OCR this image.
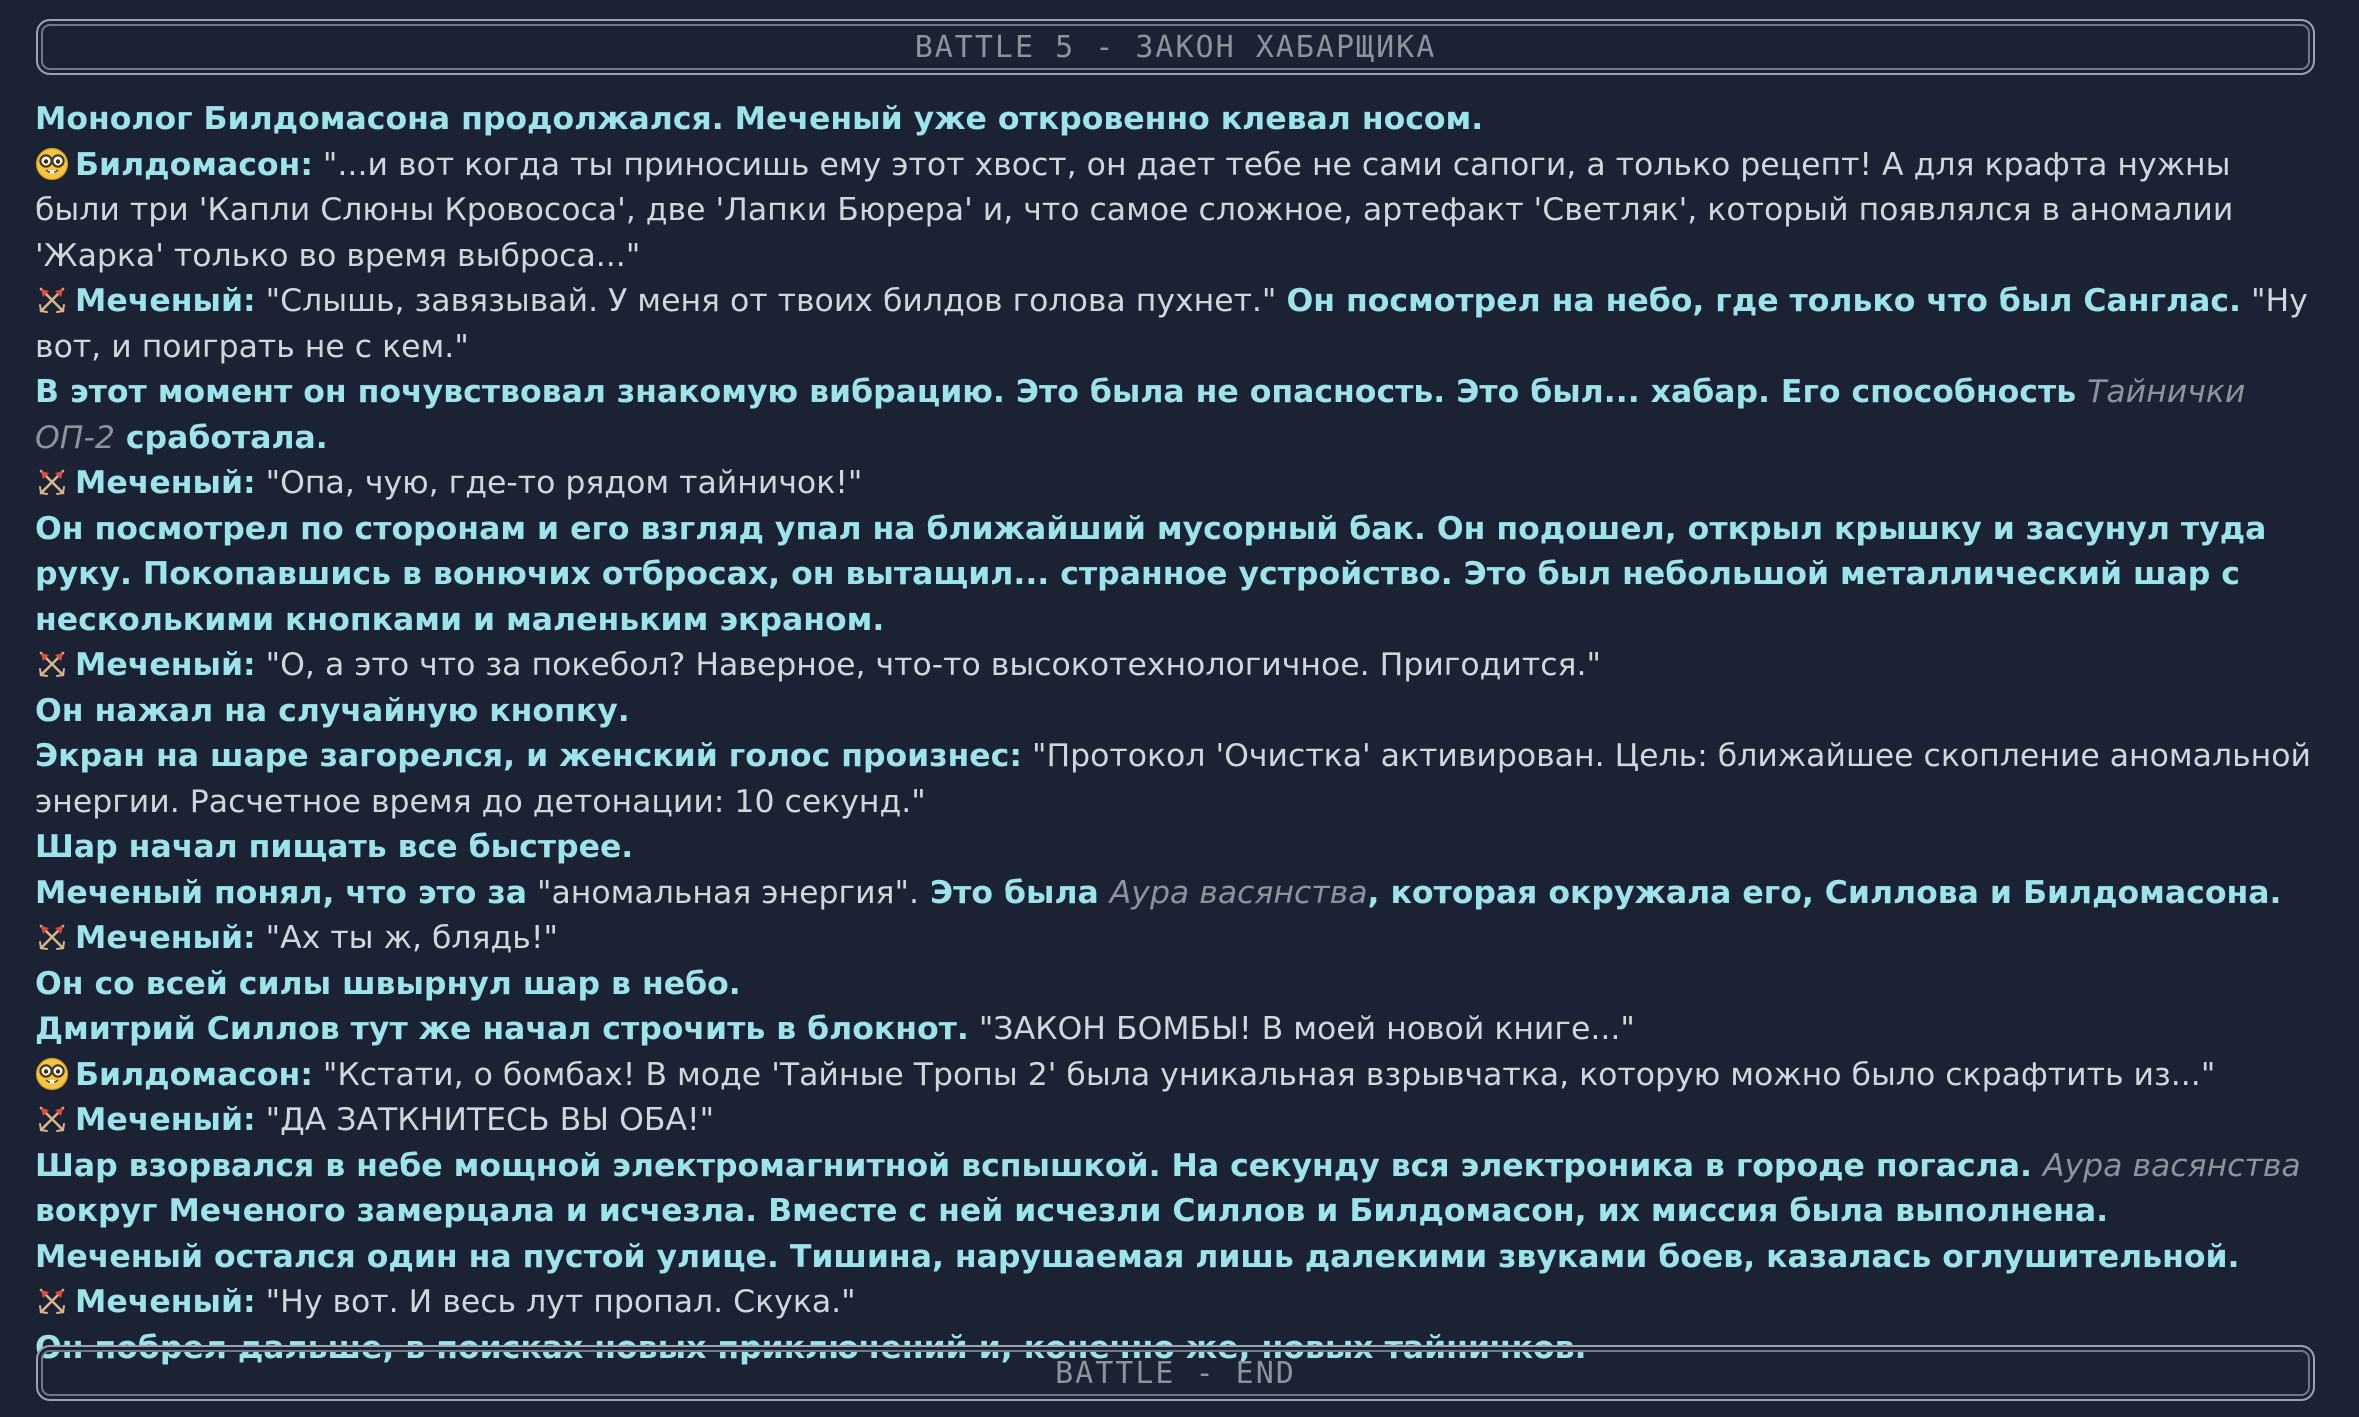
BATTLE 5 - ЗАКОН ХАБАРЩИКА
Монолог Билдомасона продолжался. Меченый уже откровенно клевал носом.
Билдомасон: "...и вот когда ты приносишь ему этот хвост, он дает тебе не сами сапоги, а только рецепт! А для крафта нужны были три 'Капли Слюны Кровососа', две 'Лапки Бюрера' и, что самое сложное, артефакт 'Светляк', который появлялся в аномалии 'Жарка' только во время выброса..."
Меченый: "Слышь, завязывай. У меня от твоих билдов голова пухнет." Он посмотрел на небо, где только что был Санглас. "Ну вот, и поиграть не с кем."
В этот момент он почувствовал знакомую вибрацию. Это была не опасность. Это был... хабар. Его способность Тайнички ОП-2 сработала.
Меченый: "Опа, чую, где-то рядом тайничок!"
Он посмотрел по сторонам и его взгляд упал на ближайший мусорный бак. Он подошел, открыл крышку и засунул туда руку. Покопавшись в вонючих отбросах, он вытащил... странное устройство. Это был небольшой металлический шар с несколькими кнопками и маленьким экраном.
Меченый: "О, а это что за покебол? Наверное, что-то высокотехнологичное. Пригодится."
Он нажал на случайную кнопку.
Экран на шаре загорелся, и женский голос произнес: "Протокол 'Очистка' активирован. Цель: ближайшее скопление аномальной энергии. Расчетное время до детонации: 10 секунд."
Шар начал пищать все быстрее.
Меченый понял, что это за "аномальная энергия". Это была Аура васянства, которая окружала его, Силлова и Билдомасона.
Меченый: "Ах ты ж, блядь!"
Он со всей силы швырнул шар в небо.
Дмитрий Силлов тут же начал строчить в блокнот. "ЗАКОН БОМБЫ! В моей новой книге..."
Билдомасон: "Кстати, о бомбах! В моде 'Тайные Тропы 2' была уникальная взрывчатка, которую можно было скрафтить из..."
Меченый: "ДА ЗАТКНИТЕСЬ ВЫ ОБА!"
Шар взорвался в небе мощной электромагнитной вспышкой. На секунду вся электроника в городе погасла. Аура васянства вокруг Меченого замерцала и исчезла. Вместе с ней исчезли Силлов и Билдомасон, их миссия была выполнена.
Меченый остался один на пустой улице. Тишина, нарушаемая лишь далекими звуками боев, казалась оглушительной.
Меченый: "Ну вот. И весь лут пропал. Скука."
Он побрел дальше, в поисках новых приключений и, конечно же, новых тайничков.
BATTLE - END
